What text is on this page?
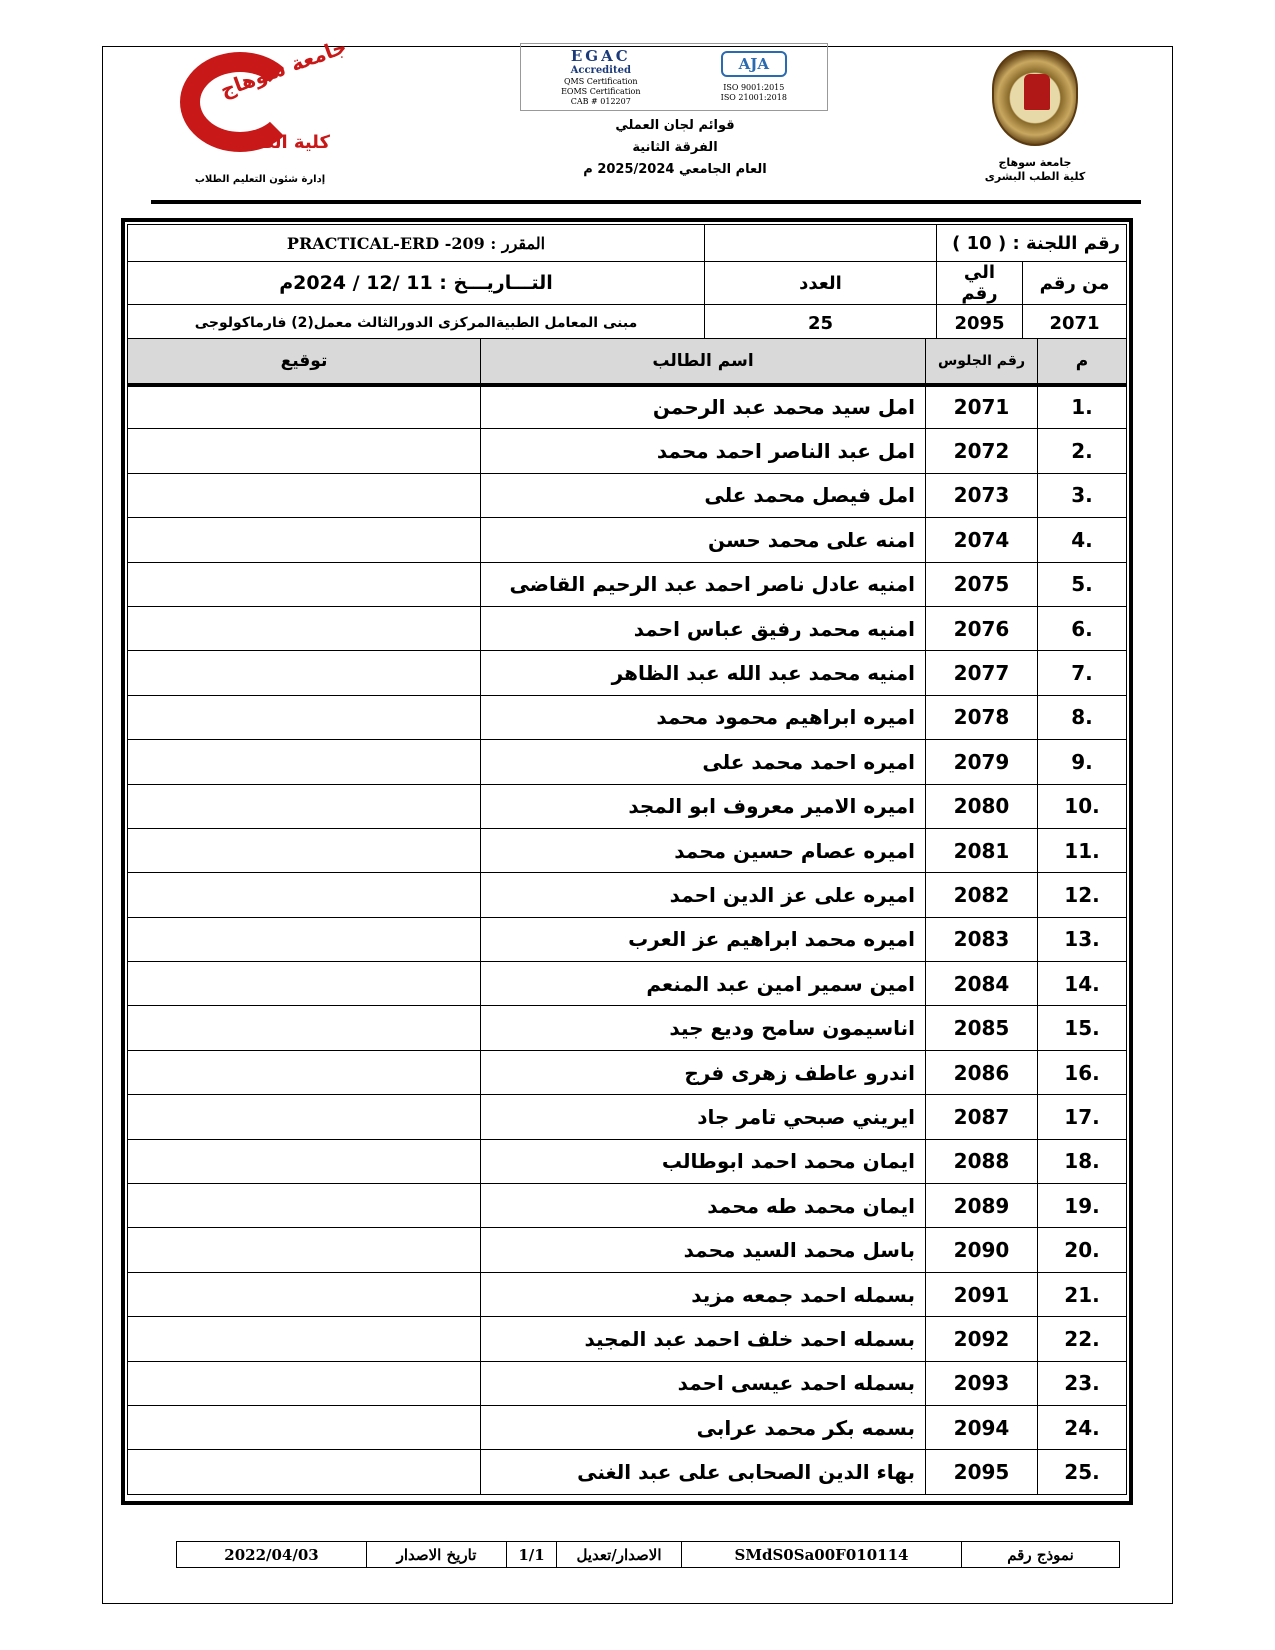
جامعة سوهاج
كلية الطب البشرى
EGAC
Accredited
QMS Certification
EOMS Certification
CAB # 012207
AJA
ISO 9001:2015
ISO 21001:2018
قوائم لجان العملي
الفرقة الثانية
العام الجامعي 2025/2024 م
جامعة سوهاج
كلية الطب
إدارة شئون التعليم الطلاب
رقم اللجنة : ( 10 )			المقرر : 209- PRACTICAL-ERD
من رقم	الي رقم	العدد	التـــاريـــخ : 11 /12 / 2024م
2071	2095	25	مبنى المعامل الطبيةالمركزى الدورالثالث معمل(2) فارماكولوجى
م	رقم الجلوس	اسم الطالب	توقيع
1.	2071	امل سيد محمد عبد الرحمن	
2.	2072	امل عبد الناصر احمد محمد	
3.	2073	امل فيصل محمد على	
4.	2074	امنه على محمد حسن	
5.	2075	امنيه عادل ناصر احمد عبد الرحيم القاضى	
6.	2076	امنيه محمد رفيق عباس احمد	
7.	2077	امنيه محمد عبد الله عبد الظاهر	
8.	2078	اميره ابراهيم محمود محمد	
9.	2079	اميره احمد محمد على	
10.	2080	اميره الامير معروف ابو المجد	
11.	2081	اميره عصام حسين محمد	
12.	2082	اميره على عز الدين احمد	
13.	2083	اميره محمد ابراهيم عز العرب	
14.	2084	امين سمير امين عبد المنعم	
15.	2085	اناسيمون سامح وديع جيد	
16.	2086	اندرو عاطف زهرى فرج	
17.	2087	ايريني صبحي تامر جاد	
18.	2088	ايمان محمد احمد ابوطالب	
19.	2089	ايمان محمد طه محمد	
20.	2090	باسل محمد السيد محمد	
21.	2091	بسمله احمد جمعه مزيد	
22.	2092	بسمله احمد خلف احمد عبد المجيد	
23.	2093	بسمله احمد عيسى احمد	
24.	2094	بسمه بكر محمد عرابى	
25.	2095	بهاء الدين الصحابى على عبد الغنى	
نموذج رقم	SMdS0Sa00F010114	الاصدار/تعديل	1/1	تاريخ الاصدار	2022/04/03
